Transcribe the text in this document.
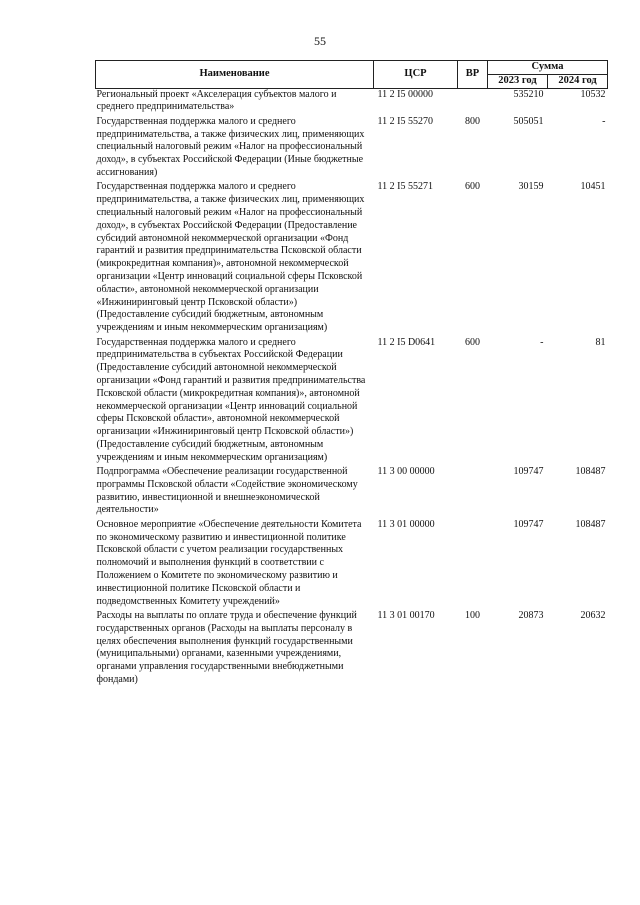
55
Наименование	ЦСР	ВР	Сумма	
			2023 год	2024 год
Региональный проект «Акселерация субъектов малого и среднего предпринимательства»	11 2 I5 00000		535210	10532
Государственная поддержка малого и среднего предпринимательства, а также физических лиц, применяющих специальный налоговый режим «Налог на профессиональный доход», в субъектах Российской Федерации (Иные бюджетные ассигнования)	11 2 I5 55270	800	505051	-
Государственная поддержка малого и среднего предпринимательства, а также физических лиц, применяющих специальный налоговый режим «Налог на профессиональный доход», в субъектах Российской Федерации (Предоставление субсидий автономной некоммерческой организации «Фонд гарантий и развития предпринимательства Псковской области (микрокредитная компания)», автономной некоммерческой организации «Центр инноваций социальной сферы Псковской области», автономной некоммерческой организации «Инжиниринговый центр Псковской области») (Предоставление субсидий бюджетным, автономным учреждениям и иным некоммерческим организациям)	11 2 I5 55271	600	30159	10451
Государственная поддержка малого и среднего предпринимательства в субъектах Российской Федерации (Предоставление субсидий автономной некоммерческой организации «Фонд гарантий и развития предпринимательства Псковской области (микрокредитная компания)», автономной некоммерческой организации «Центр инноваций социальной сферы Псковской области», автономной некоммерческой организации «Инжиниринговый центр Псковской области») (Предоставление субсидий бюджетным, автономным учреждениям и иным некоммерческим организациям)	11 2 I5 D0641	600	-	81
Подпрограмма «Обеспечение реализации государственной программы Псковской области «Содействие экономическому развитию, инвестиционной и внешнеэкономической деятельности»	11 3 00 00000		109747	108487
Основное мероприятие «Обеспечение деятельности Комитета по экономическому развитию и инвестиционной политике Псковской области с учетом реализации государственных полномочий и выполнения функций в соответствии с Положением о Комитете по экономическому развитию и инвестиционной политике Псковской области и подведомственных Комитету учреждений»	11 3 01 00000		109747	108487
Расходы на выплаты по оплате труда и обеспечение функций государственных органов (Расходы на выплаты персоналу в целях обеспечения выполнения функций государственными (муниципальными) органами, казенными учреждениями, органами управления государственными внебюджетными фондами)	11 3 01 00170	100	20873	20632
